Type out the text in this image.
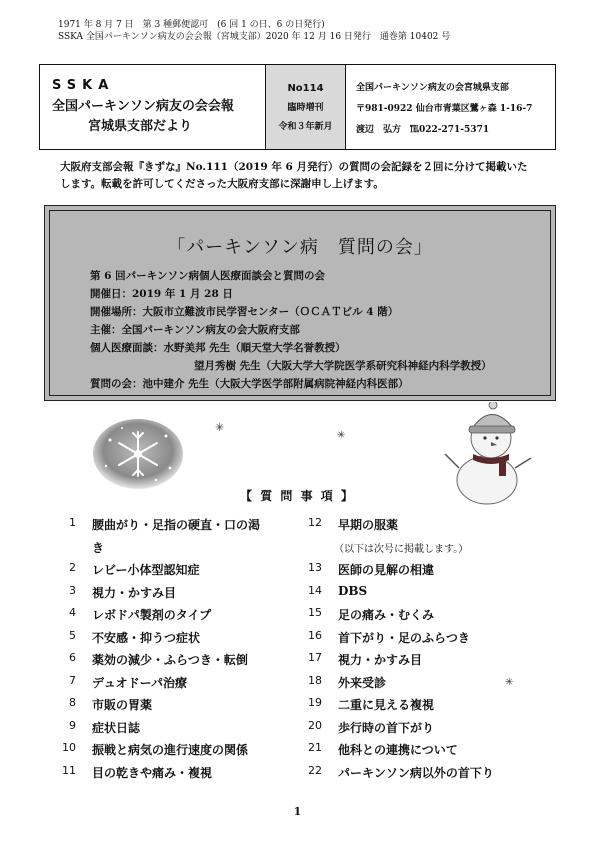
1971 年 8 月 7 日　第 3 種郵便認可　(6 回 1 の日、6 の日発行)
SSKA 全国パーキンソン病友の会会報（宮城支部）2020 年 12 月 16 日発行　通巻第 10402 号
SSKA
全国パーキンソン病友の会会報
宮城県支部だより
No114
臨時増刊
令和３年新月
全国パーキンソン病友の会宮城県支部
〒981-0922 仙台市青葉区鷺ヶ森 1-16-7
渡辺　弘方　℡022-271-5371
大阪府支部会報『きずな』No.111（2019 年 6 月発行）の質問の会記録を２回に分けて掲載いた
します。転載を許可してくださった大阪府支部に深謝申し上げます。
「パーキンソン病　質問の会」
第 6 回パーキンソン病個人医療面談会と質問の会
開催日：2019 年 1 月 28 日
開催場所：大阪市立難波市民学習センター（ＯＣＡＴビル 4 階）
主催：全国パーキンソン病友の会大阪府支部
個人医療面談：水野美邦 先生（順天堂大学名誉教授）
望月秀樹 先生（大阪大学大学院医学系研究科神経内科学教授）
質問の会：池中建介 先生（大阪大学医学部附属病院神経内科医部）
✳
✳
✳
【 質 問 事 項 】
1 腰曲がり・足指の硬直・口の渇
き
2 レビー小体型認知症
3 視力・かすみ目
4 レボドパ製剤のタイプ
5 不安感・抑うつ症状
6 薬効の減少・ふらつき・転倒
7 デュオドーパ治療
8 市販の胃薬
9 症状日誌
10 振戦と病気の進行速度の関係
11 目の乾きや痛み・複視
12 早期の服薬
（以下は次号に掲載します。）
13 医師の見解の相違
14 DBS
15 足の痛み・むくみ
16 首下がり・足のふらつき
17 視力・かすみ目
18 外来受診
19 二重に見える複視
20 歩行時の首下がり
21 他科との連携について
22 パーキンソン病以外の首下り
1
